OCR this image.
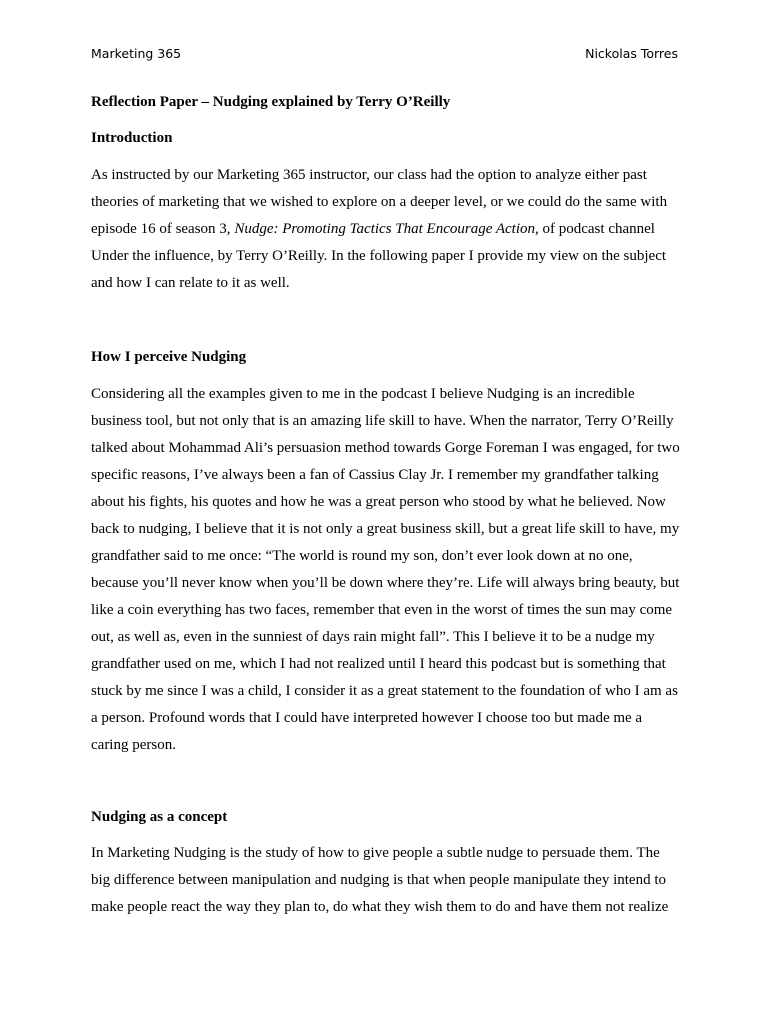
Marketing 365	Nickolas Torres
Reflection Paper – Nudging explained by Terry O’Reilly
Introduction

As instructed by our Marketing 365 instructor, our class had the option to analyze either past theories of marketing that we wished to explore on a deeper level, or we could do the same with episode 16 of season 3, Nudge: Promoting Tactics That Encourage Action, of podcast channel Under the influence, by Terry O’Reilly. In the following paper I provide my view on the subject and how I can relate to it as well.

How I perceive Nudging

Considering all the examples given to me in the podcast I believe Nudging is an incredible business tool, but not only that is an amazing life skill to have. When the narrator, Terry O’Reilly talked about Mohammad Ali’s persuasion method towards Gorge Foreman I was engaged, for two specific reasons, I’ve always been a fan of Cassius Clay Jr. I remember my grandfather talking about his fights, his quotes and how he was a great person who stood by what he believed. Now back to nudging, I believe that it is not only a great business skill, but a great life skill to have, my grandfather said to me once: “The world is round my son, don’t ever look down at no one, because you’ll never know when you’ll be down where they’re. Life will always bring beauty, but like a coin everything has two faces, remember that even in the worst of times the sun may come out, as well as, even in the sunniest of days rain might fall”. This I believe it to be a nudge my grandfather used on me, which I had not realized until I heard this podcast but is something that stuck by me since I was a child, I consider it as a great statement to the foundation of who I am as a person. Profound words that I could have interpreted however I choose too but made me a caring person.

Nudging as a concept

In Marketing Nudging is the study of how to give people a subtle nudge to persuade them. The big difference between manipulation and nudging is that when people manipulate they intend to make people react the way they plan to, do what they wish them to do and have them not realize
